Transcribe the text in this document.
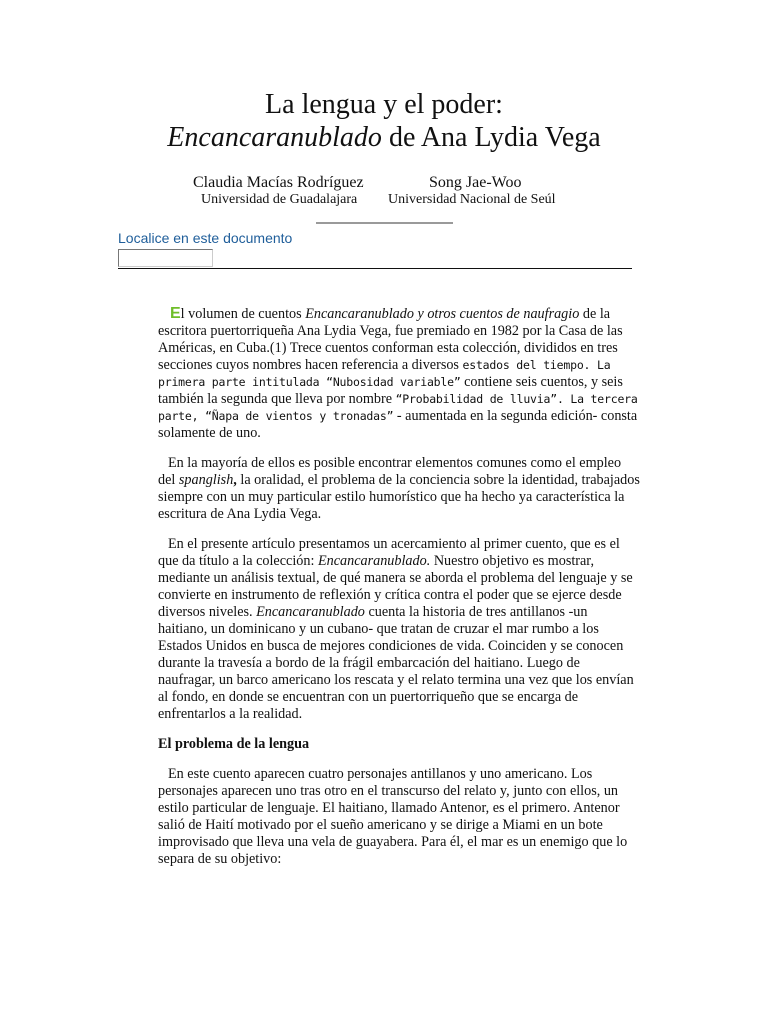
La lengua y el poder:
Encancaranublado de Ana Lydia Vega
Claudia Macías Rodríguez	Song Jae-Woo
Universidad de Guadalajara Universidad Nacional de Seúl
Localice en este documento

El volumen de cuentos Encancaranublado y otros cuentos de naufragio de la escritora puertorriqueña Ana Lydia Vega, fue premiado en 1982 por la Casa de las Américas, en Cuba.(1) Trece cuentos conforman esta colección, divididos en tres secciones cuyos nombres hacen referencia a diversos estados del tiempo. La primera parte intitulada “Nubosidad variable” contiene seis cuentos, y seis también la segunda que lleva por nombre “Probabilidad de lluvia”. La tercera parte, “Ñapa de vientos y tronadas” - aumentada en la segunda edición- consta solamente de uno.

En la mayoría de ellos es posible encontrar elementos comunes como el empleo del spanglish, la oralidad, el problema de la conciencia sobre la identidad, trabajados siempre con un muy particular estilo humorístico que ha hecho ya característica la escritura de Ana Lydia Vega.

En el presente artículo presentamos un acercamiento al primer cuento, que es el que da título a la colección: Encancaranublado. Nuestro objetivo es mostrar, mediante un análisis textual, de qué manera se aborda el problema del lenguaje y se convierte en instrumento de reflexión y crítica contra el poder que se ejerce desde diversos niveles. Encancaranublado cuenta la historia de tres antillanos -un haitiano, un dominicano y un cubano- que tratan de cruzar el mar rumbo a los Estados Unidos en busca de mejores condiciones de vida. Coinciden y se conocen durante la travesía a bordo de la frágil embarcación del haitiano. Luego de naufragar, un barco americano los rescata y el relato termina una vez que los envían al fondo, en donde se encuentran con un puertorriqueño que se encarga de enfrentarlos a la realidad.

El problema de la lengua

En este cuento aparecen cuatro personajes antillanos y uno americano. Los personajes aparecen uno tras otro en el transcurso del relato y, junto con ellos, un estilo particular de lenguaje. El haitiano, llamado Antenor, es el primero. Antenor salió de Haití motivado por el sueño americano y se dirige a Miami en un bote improvisado que lleva una vela de guayabera. Para él, el mar es un enemigo que lo separa de su objetivo:
